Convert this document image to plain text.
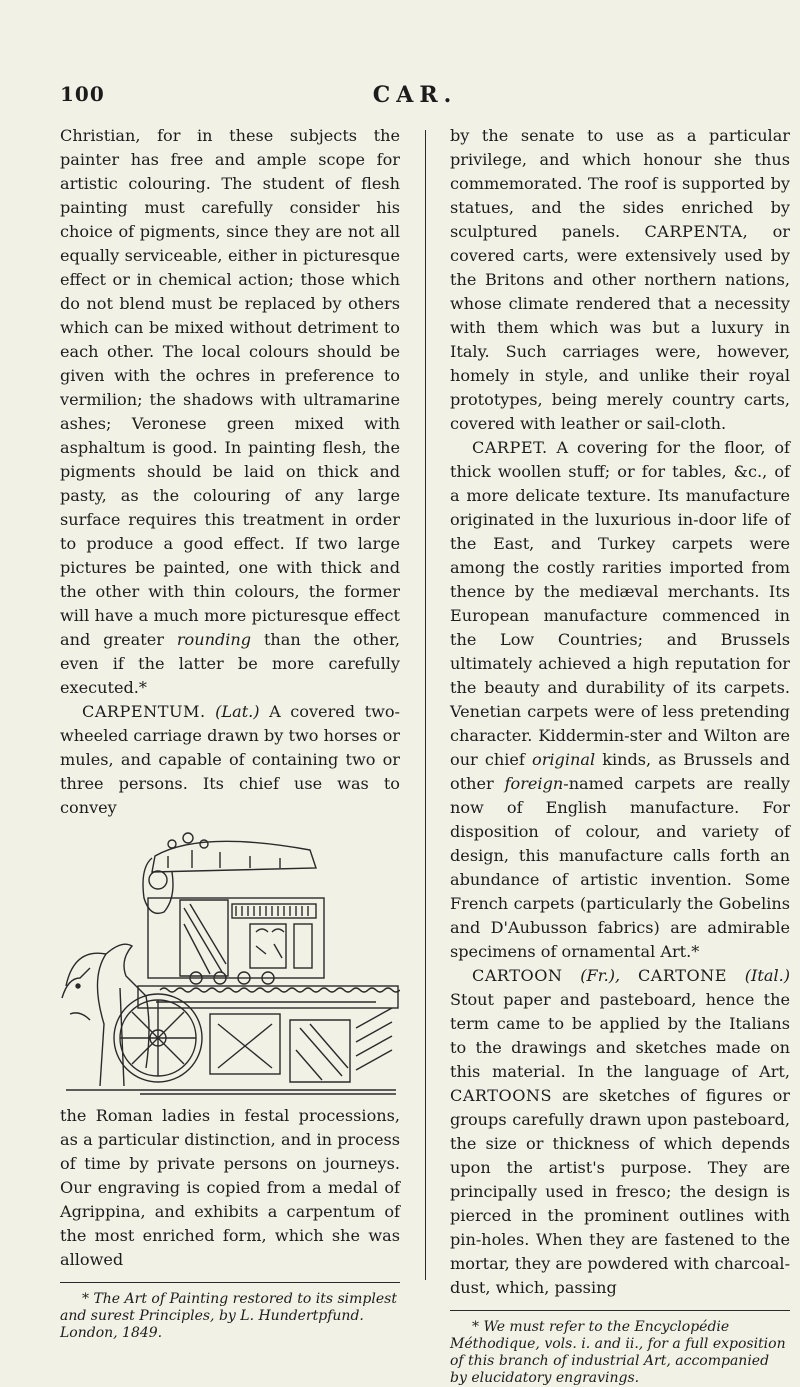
100	CAR.

Christian, for in these subjects the painter has free and ample scope for artistic colouring. The student of flesh painting must carefully consider his choice of pigments, since they are not all equally serviceable, either in picturesque effect or in chemical action; those which do not blend must be replaced by others which can be mixed without detriment to each other. The local colours should be given with the ochres in preference to vermilion; the shadows with ultramarine ashes; Veronese green mixed with asphaltum is good. In painting flesh, the pigments should be laid on thick and pasty, as the colouring of any large surface requires this treatment in order to produce a good effect. If two large pictures be painted, one with thick and the other with thin colours, the former will have a much more picturesque effect and greater rounding than the other, even if the latter be more carefully executed.*

CARPENTUM. (Lat.) A covered two-wheeled carriage drawn by two horses or mules, and capable of containing two or three persons. Its chief use was to convey

the Roman ladies in festal processions, as a particular distinction, and in process of time by private persons on journeys. Our engraving is copied from a medal of Agrippina, and exhibits a carpentum of the most enriched form, which she was allowed

* The Art of Painting restored to its simplest and surest Principles, by L. Hundertpfund. London, 1849.

by the senate to use as a particular privilege, and which honour she thus commemorated. The roof is supported by statues, and the sides enriched by sculptured panels. CARPENTA, or covered carts, were extensively used by the Britons and other northern nations, whose climate rendered that a necessity with them which was but a luxury in Italy. Such carriages were, however, homely in style, and unlike their royal prototypes, being merely country carts, covered with leather or sail-cloth.

CARPET. A covering for the floor, of thick woollen stuff; or for tables, &c., of a more delicate texture. Its manufacture originated in the luxurious in-door life of the East, and Turkey carpets were among the costly rarities imported from thence by the mediæval merchants. Its European manufacture commenced in the Low Countries; and Brussels ultimately achieved a high reputation for the beauty and durability of its carpets. Venetian carpets were of less pretending character. Kiddermin-ster and Wilton are our chief original kinds, as Brussels and other foreign-named carpets are really now of English manufacture. For disposition of colour, and variety of design, this manufacture calls forth an abundance of artistic invention. Some French carpets (particularly the Gobelins and D'Aubusson fabrics) are admirable specimens of ornamental Art.*

CARTOON (Fr.), CARTONE (Ital.) Stout paper and pasteboard, hence the term came to be applied by the Italians to the drawings and sketches made on this material. In the language of Art, CARTOONS are sketches of figures or groups carefully drawn upon pasteboard, the size or thickness of which depends upon the artist's purpose. They are principally used in fresco; the design is pierced in the prominent outlines with pin-holes. When they are fastened to the mortar, they are powdered with charcoal-dust, which, passing

* We must refer to the Encyclopédie Méthodique, vols. i. and ii., for a full exposition of this branch of industrial Art, accompanied by elucidatory engravings.
